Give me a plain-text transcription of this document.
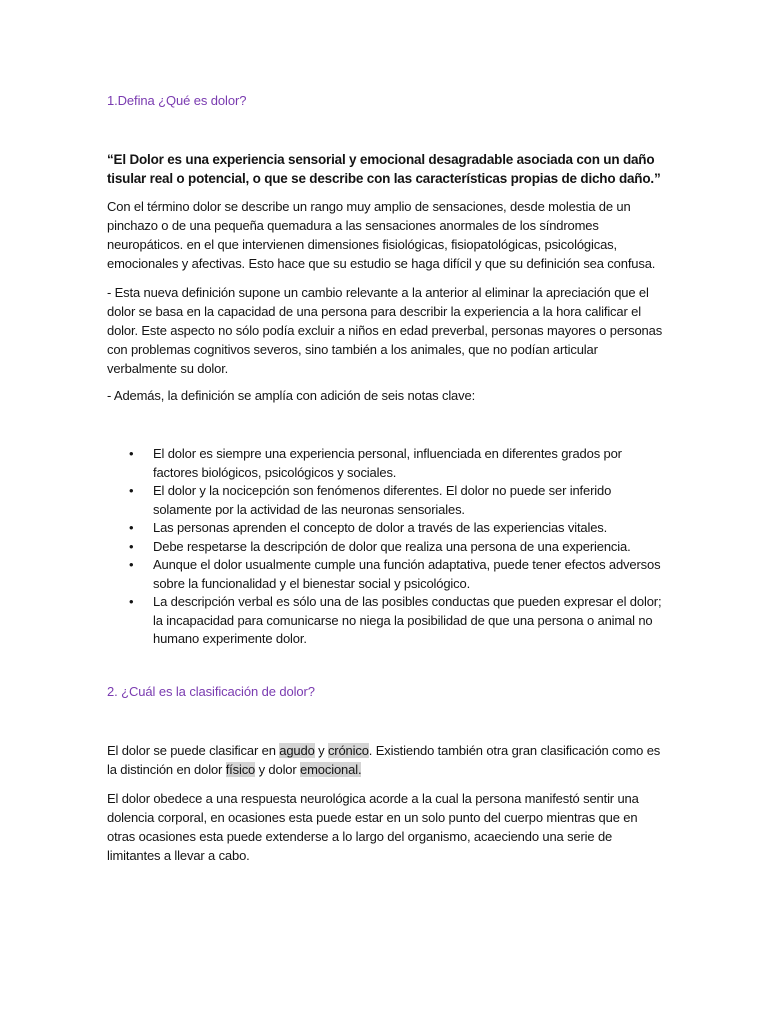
1.Defina ¿Qué es dolor?

“El Dolor es una experiencia sensorial y emocional desagradable asociada con un daño tisular real o potencial, o que se describe con las características propias de dicho daño.”

Con el término dolor se describe un rango muy amplio de sensaciones, desde molestia de un pinchazo o de una pequeña quemadura a las sensaciones anormales de los síndromes neuropáticos. en el que intervienen dimensiones fisiológicas, fisiopatológicas, psicológicas, emocionales y afectivas. Esto hace que su estudio se haga difícil y que su definición sea confusa.

- Esta nueva definición supone un cambio relevante a la anterior al eliminar la apreciación que el dolor se basa en la capacidad de una persona para describir la experiencia a la hora calificar el dolor. Este aspecto no sólo podía excluir a niños en edad preverbal, personas mayores o personas con problemas cognitivos severos, sino también a los animales, que no podían articular verbalmente su dolor.

- Además, la definición se amplía con adición de seis notas clave:

• El dolor es siempre una experiencia personal, influenciada en diferentes grados por factores biológicos, psicológicos y sociales.
• El dolor y la nocicepción son fenómenos diferentes. El dolor no puede ser inferido solamente por la actividad de las neuronas sensoriales.
• Las personas aprenden el concepto de dolor a través de las experiencias vitales.
• Debe respetarse la descripción de dolor que realiza una persona de una experiencia.
• Aunque el dolor usualmente cumple una función adaptativa, puede tener efectos adversos sobre la funcionalidad y el bienestar social y psicológico.
• La descripción verbal es sólo una de las posibles conductas que pueden expresar el dolor; la incapacidad para comunicarse no niega la posibilidad de que una persona o animal no humano experimente dolor.
2. ¿Cuál es la clasificación de dolor?

El dolor se puede clasificar en agudo y crónico. Existiendo también otra gran clasificación como es la distinción en dolor físico y dolor emocional.

El dolor obedece a una respuesta neurológica acorde a la cual la persona manifestó sentir una dolencia corporal, en ocasiones esta puede estar en un solo punto del cuerpo mientras que en otras ocasiones esta puede extenderse a lo largo del organismo, acaeciendo una serie de limitantes a llevar a cabo.
